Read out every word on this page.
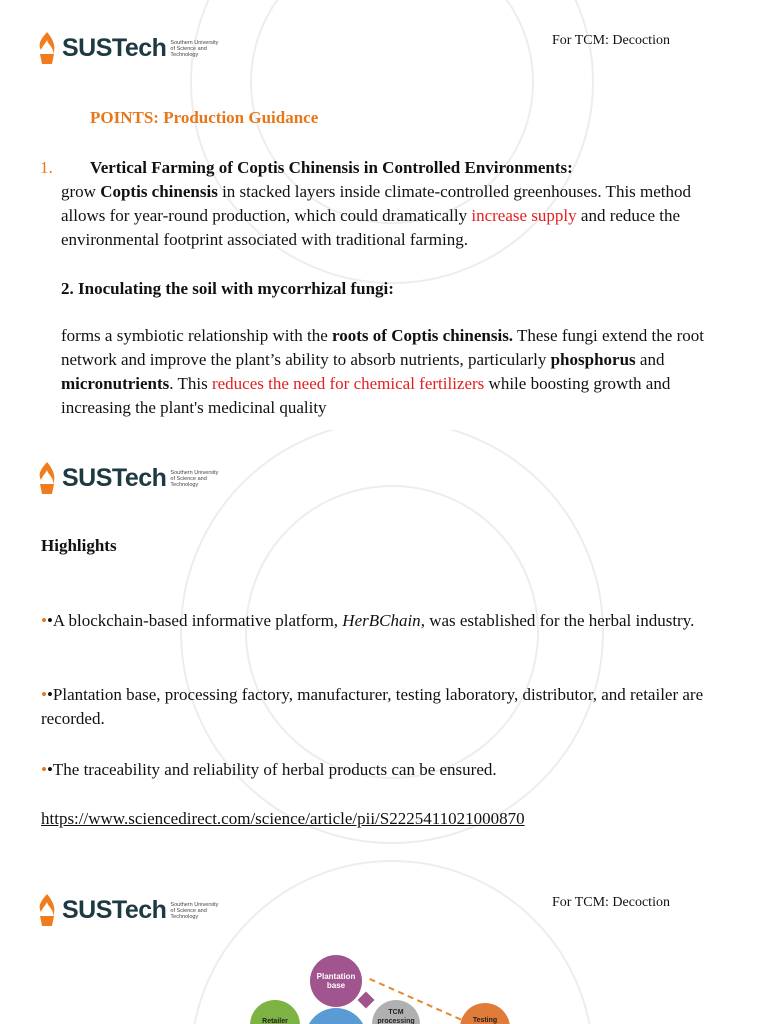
SUSTech Southern University
of Science and
Technology
For TCM: Decoction
POINTS: Production Guidance
1. Vertical Farming of Coptis Chinensis in Controlled Environments:
grow Coptis chinensis in stacked layers inside climate-controlled greenhouses. This method allows for year-round production, which could dramatically increase supply and reduce the environmental footprint associated with traditional farming.
2. Inoculating the soil with mycorrhizal fungi:
forms a symbiotic relationship with the roots of Coptis chinensis. These fungi extend the root network and improve the plant’s ability to absorb nutrients, particularly phosphorus and micronutrients. This reduces the need for chemical fertilizers while boosting growth and increasing the plant's medicinal quality
SUSTech Southern University
of Science and
Technology
Highlights
••A blockchain-based informative platform, HerBChain, was established for the herbal industry.
••Plantation base, processing factory, manufacturer, testing laboratory, distributor, and retailer are recorded.
••The traceability and reliability of herbal products can be ensured.
https://www.sciencedirect.com/science/article/pii/S2225411021000870
SUSTech Southern University
of Science and
Technology
For TCM: Decoction
Plantation base
TCM processing
Retailer	Testing
